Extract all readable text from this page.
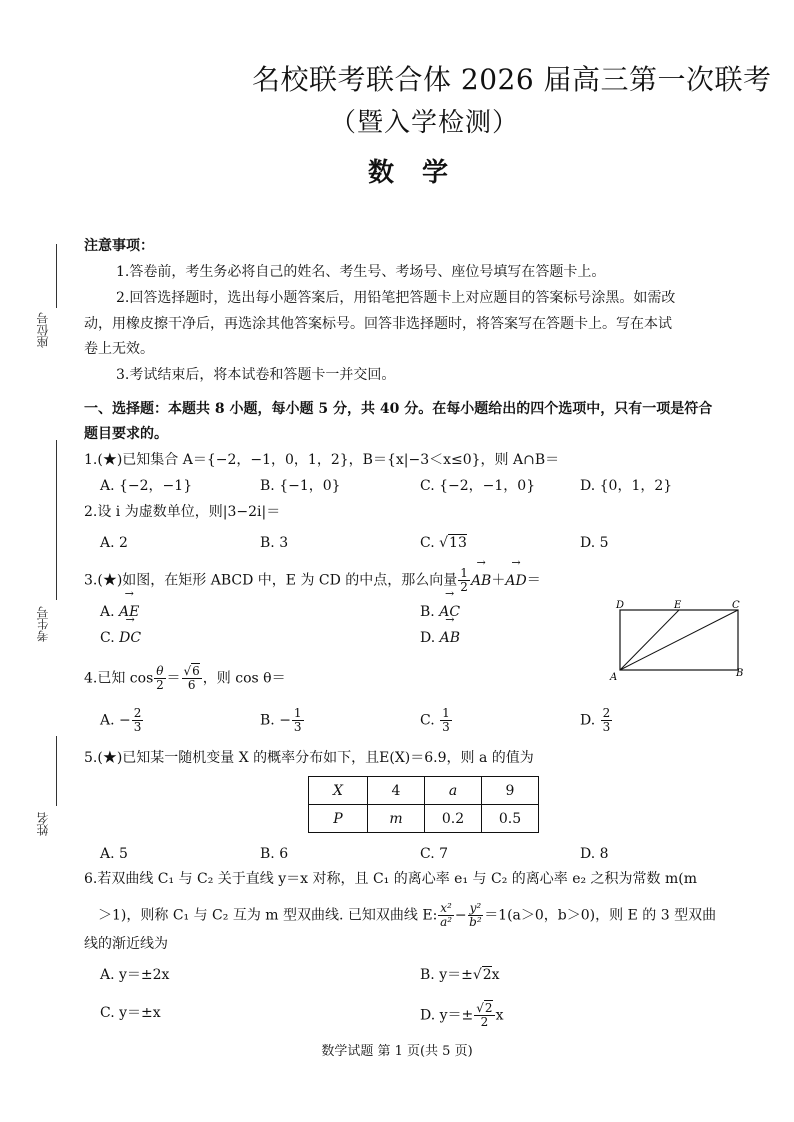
名校联考联合体 2026 届高三第一次联考
（暨入学检测）
数学
座位号
考生号
姓名
注意事项：
1.答卷前，考生务必将自己的姓名、考生号、考场号、座位号填写在答题卡上。
2.回答选择题时，选出每小题答案后，用铅笔把答题卡上对应题目的答案标号涂黑。如需改
动，用橡皮擦干净后，再选涂其他答案标号。回答非选择题时，将答案写在答题卡上。写在本试
卷上无效。
3.考试结束后，将本试卷和答题卡一并交回。
一、选择题：本题共 8 小题，每小题 5 分，共 40 分。在每小题给出的四个选项中，只有一项是符合
题目要求的。
1.(★)已知集合 A＝{−2，−1，0，1，2}，B＝{x|−3＜x≤0}，则 A∩B＝
A. {−2，−1}	B. {−1，0}	C. {−2，−1，0}	D. {0，1，2}
2.设 i 为虚数单位，则|3−2i|＝
A. 2	B. 3	C. √13	D. 5
3.(★)如图，在矩形 ABCD 中，E 为 CD 的中点，那么向量 $\frac{1}{2} \to AB+\to AD=$
A. → AE	B. → AC
C. → DC	D. → AB
D	E	C
A	B
4.已知 $\cos \frac{\theta}{2} = \frac{√6}{6}$ ，则 cos θ＝
A. − $\frac{2}{3}$	B. − $\frac{1}{3}$	C. $\frac{1}{3}$	D. $\frac{2}{3}$
5.(★)已知某一随机变量 X 的概率分布如下，且E(X)＝6.9，则 a 的值为
X	4	a	9
P	m	0.2	0.5
A. 5	B. 6	C. 7	D. 8
6.若双曲线 C₁ 与 C₂ 关于直线 y＝x 对称，且 C₁ 的离心率 e₁ 与 C₂ 的离心率 e₂ 之积为常数 m(m
＞1)，则称 C₁ 与 C₂ 互为 m 型双曲线. 已知双曲线 E: $\frac{\text{x²}}{\text{a²}} - \frac{\text{y²}}{\text{b²}} =1(a>0$，b＞0)，则 E 的 3 型双曲
线的渐近线为
A. y＝±2x	B. y＝±√2x
C. y＝±x	D. $y=\pm \frac{√2}{2}$ x
数学试题 第 1 页(共 5 页)
